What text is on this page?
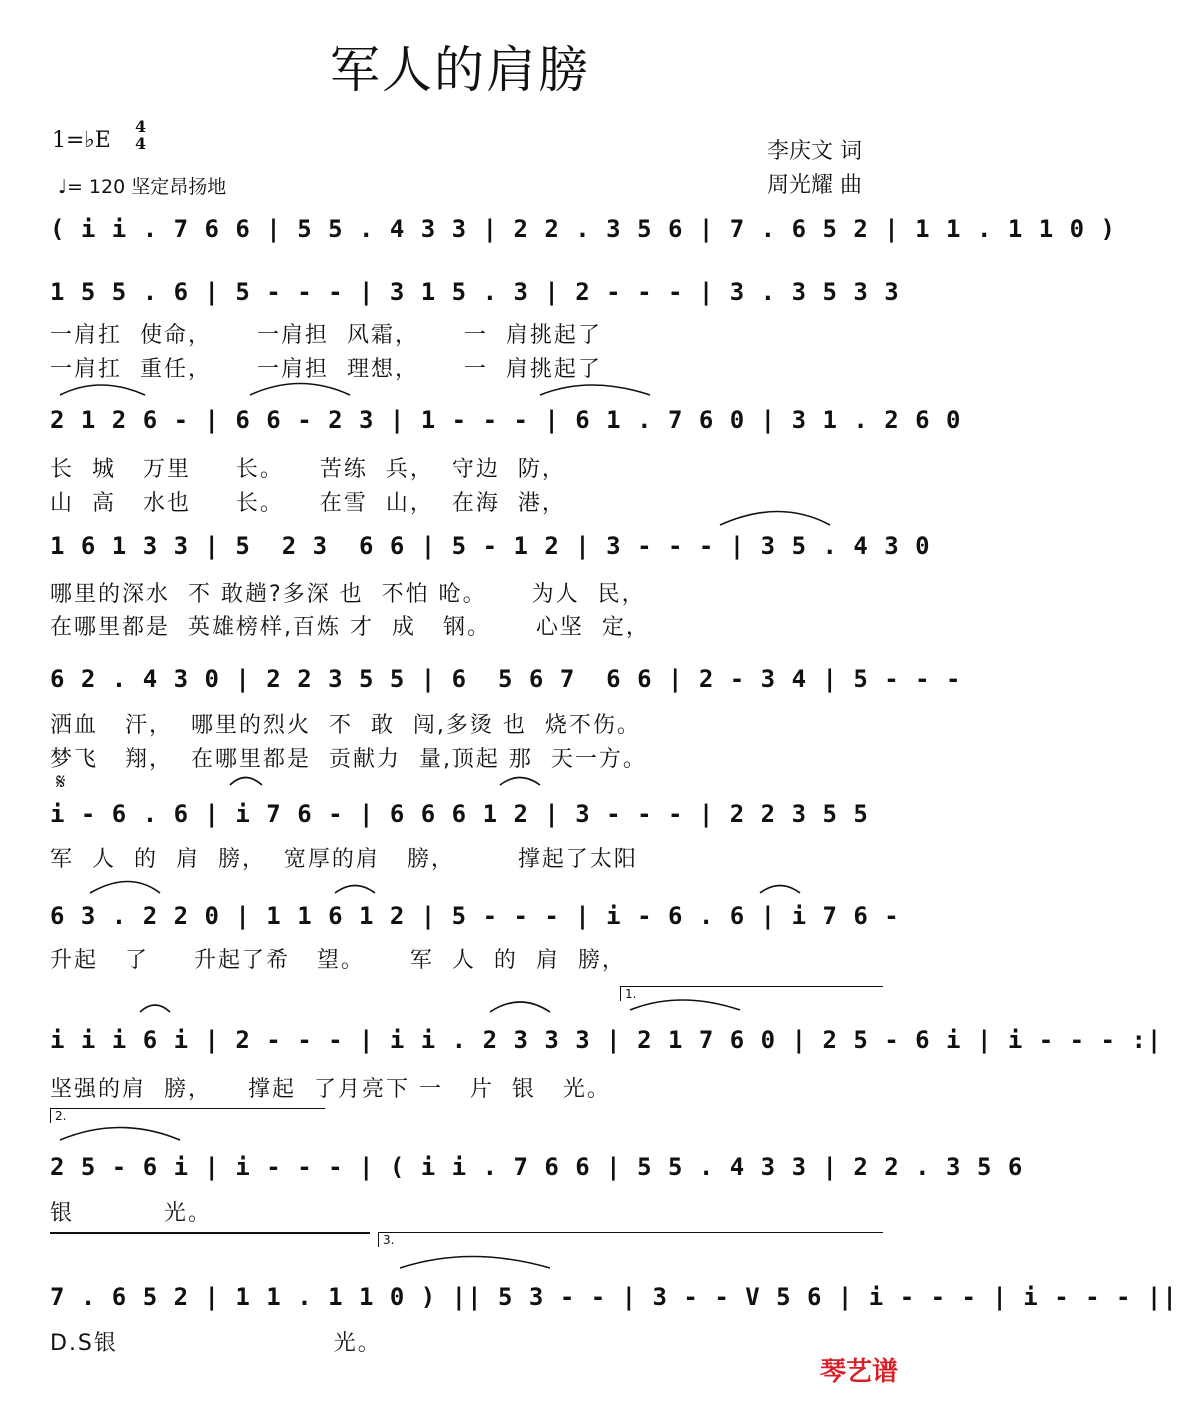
军人的肩膀
1=♭E
4
4
♩= 120 坚定昂扬地
李庆文 词
周光耀 曲
( i i . 7 6 6 | 5 5 . 4 3 3 | 2 2 . 3 5 6 | 7 . 6 5 2 | 1 1 . 1 1 0 )
1 5 5 . 6 | 5 - - - | 3 1 5 . 3 | 2 - - - | 3 . 3 5 3 3
一肩扛  使命，     一肩担  风霜，     一  肩挑起了
一肩扛  重任，     一肩担  理想，     一  肩挑起了
2 1 2 6 - | 6 6 - 2 3 | 1 - - - | 6 1 . 7 6 0 | 3 1 . 2 6 0
长  城   万里     长。    苦练  兵，  守边  防，
山  高   水也     长。    在雪  山，  在海  港，
1 6 1 3 3 | 5  2 3  6 6 | 5 - 1 2 | 3 - - - | 3 5 . 4 3 0
哪里的深水  不 敢趟?多深 也  不怕 呛。     为人  民，
在哪里都是  英雄榜样,百炼 才  成   钢。     心坚  定，
6 2 . 4 3 0 | 2 2 3 5 5 | 6  5 6 7  6 6 | 2 - 3 4 | 5 - - -
洒血   汗，  哪里的烈火  不  敢  闯,多烫 也  烧不伤。
梦飞   翔，  在哪里都是  贡献力  量,顶起 那  天一方。
𝄋
i - 6 . 6 | i 7 6 - | 6 6 6 1 2 | 3 - - - | 2 2 3 5 5
军  人  的  肩  膀，  宽厚的肩   膀，       撑起了太阳
6 3 . 2 2 0 | 1 1 6 1 2 | 5 - - - | i - 6 . 6 | i 7 6 -
升起   了     升起了希   望。     军  人  的  肩  膀，
1.
i i i 6 i | 2 - - - | i i . 2 3 3 3 | 2 1 7 6 0 | 2 5 - 6 i | i - - - :|
坚强的肩  膀，    撑起  了月亮下 一   片  银   光。
2.
2 5 - 6 i | i - - - | ( i i . 7 6 6 | 5 5 . 4 3 3 | 2 2 . 3 5 6
银          光。
3.
7 . 6 5 2 | 1 1 . 1 1 0 ) || 5 3 - - | 3 - - V 5 6 | i - - - | i - - - ||
D.S银                        光。
琴艺谱
